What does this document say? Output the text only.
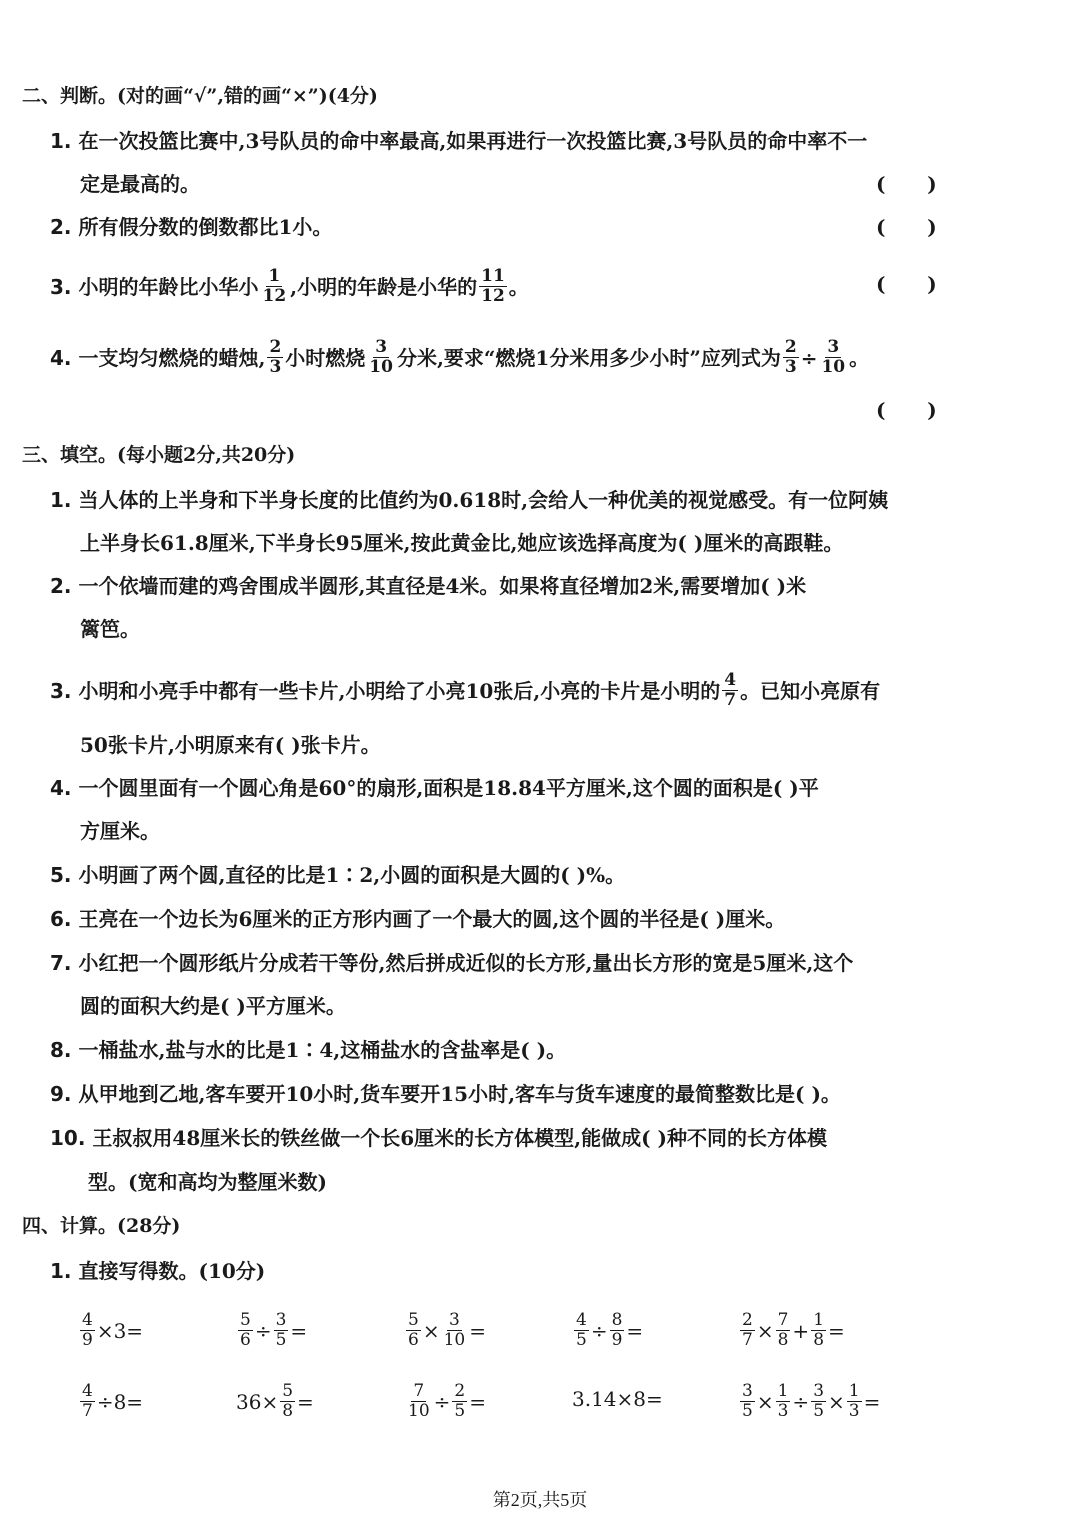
二、判断。(对的画“√”,错的画“×”)(4分)
1. 在一次投篮比赛中,3号队员的命中率最高,如果再进行一次投篮比赛,3号队员的命中率不一
定是最高的。	(      )
2. 所有假分数的倒数都比1小。	(      )
3. 小明的年龄比小华小 $\frac{1}{12}$ ,小明的年龄是小华的 $\frac{11}{12}$ 。	(      )
4. 一支均匀燃烧的蜡烛, $\frac{2}{3}$ 小时燃烧 $\frac{3}{10}$ 分米,要求“燃烧1分米用多少小时”应列式为 $\frac{2}{3} \div \frac{3}{10}$ 。
(      )
三、填空。(每小题2分,共20分)
1. 当人体的上半身和下半身长度的比值约为0.618时,会给人一种优美的视觉感受。有一位阿姨
上半身长61.8厘米,下半身长95厘米,按此黄金比,她应该选择高度为( )厘米的高跟鞋。
2. 一个依墙而建的鸡舍围成半圆形,其直径是4米。如果将直径增加2米,需要增加( )米
篱笆。
3. 小明和小亮手中都有一些卡片,小明给了小亮10张后,小亮的卡片是小明的 $\frac{4}{7}$ 。已知小亮原有
50张卡片,小明原来有( )张卡片。
4. 一个圆里面有一个圆心角是60°的扇形,面积是18.84平方厘米,这个圆的面积是( )平
方厘米。
5. 小明画了两个圆,直径的比是1∶2,小圆的面积是大圆的( )%。
6. 王亮在一个边长为6厘米的正方形内画了一个最大的圆,这个圆的半径是( )厘米。
7. 小红把一个圆形纸片分成若干等份,然后拼成近似的长方形,量出长方形的宽是5厘米,这个
圆的面积大约是( )平方厘米。
8. 一桶盐水,盐与水的比是1∶4,这桶盐水的含盐率是( )。
9. 从甲地到乙地,客车要开10小时,货车要开15小时,客车与货车速度的最简整数比是( )。
10. 王叔叔用48厘米长的铁丝做一个长6厘米的长方体模型,能做成( )种不同的长方体模
型。(宽和高均为整厘米数)
四、计算。(28分)
1. 直接写得数。(10分)
$\frac{4}{9} \times 3=$	$\frac{5}{6} \div \frac{3}{5}$ =	$\frac{5}{6} \times \frac{3}{10}$ =	$\frac{4}{5} \div \frac{8}{9}$ =	$\frac{2}{7} \times \frac{7}{8} + \frac{1}{8}$ =
$\frac{4}{7} \div 8=$	$36\times \frac{5}{8}$ =	$\frac{7}{10} \div \frac{2}{5}$ =	3.14×8=	$\frac{3}{5} \times \frac{1}{3} \div \frac{3}{5} \times \frac{1}{3}$ =
第2页,共5页
